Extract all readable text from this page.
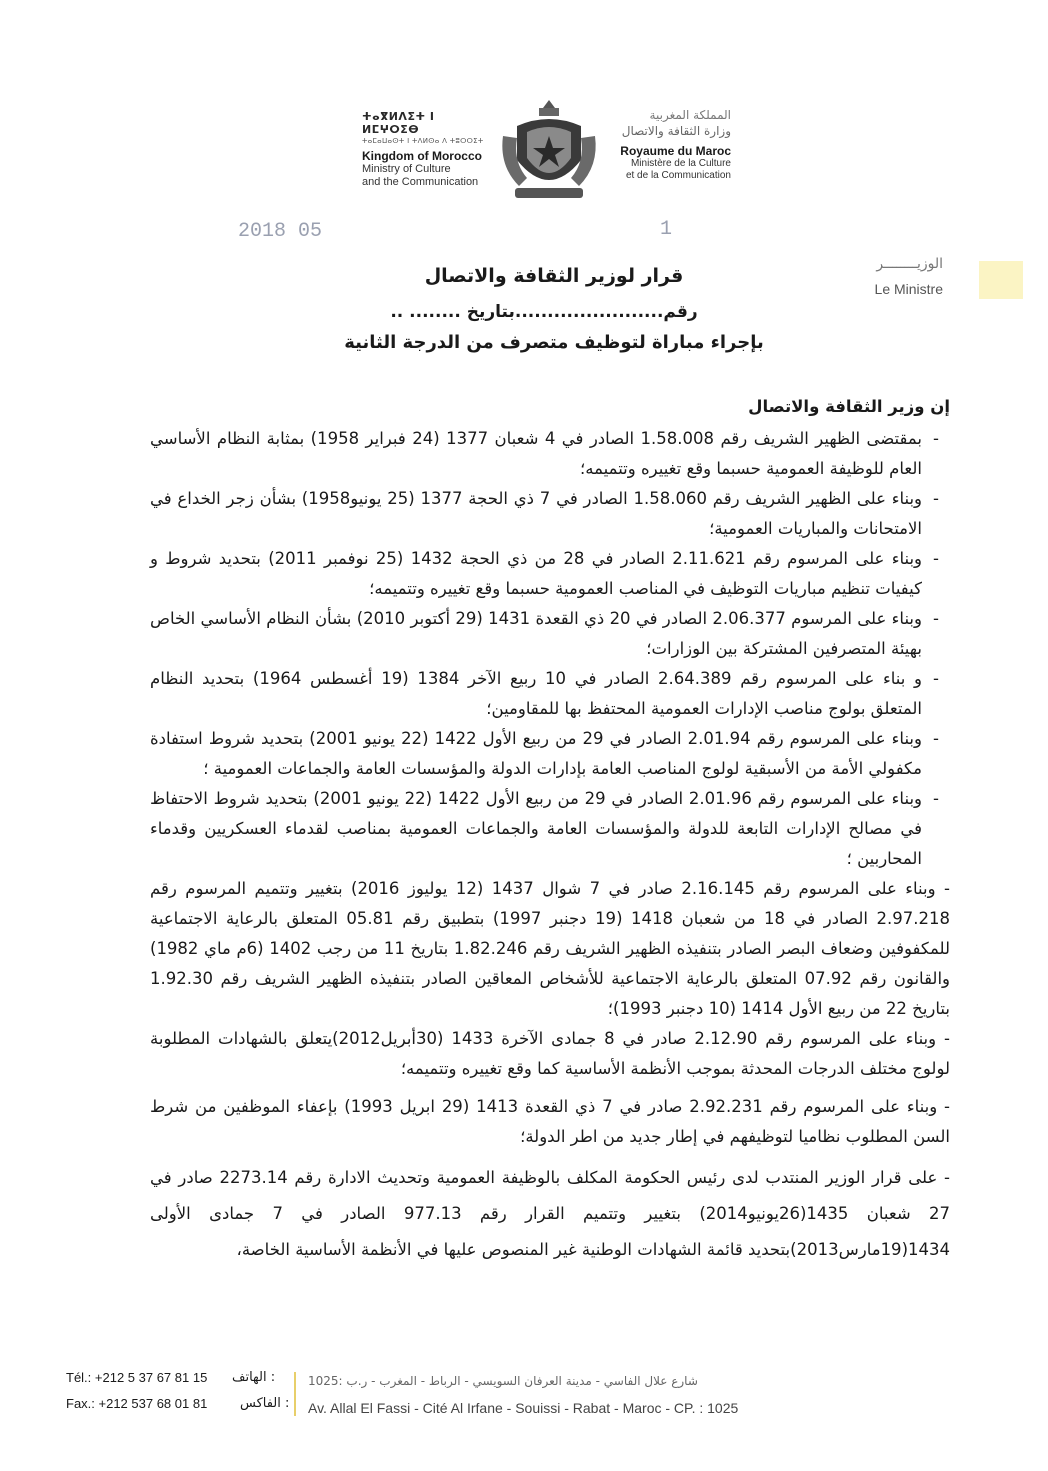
ⵜⴰⴳⵍⴷⵉⵜ ⵏ ⵍⵎⵖⵔⵉⴱ
ⵜⴰⵎⴰⵡⴰⵙⵜ ⵏ ⵜⴷⵍⵙⴰ ⴷ ⵜⵓⵔⵔⵉⵜ
Kingdom of Morocco
Ministry of Culture
and the Communication
المملكة المغربية
وزارة الثقافة والاتصال
Royaume du Maroc
Ministère de la Culture
et de la Communication
2018 05	1
الوزيــــــــر
Le Ministre
قرار لوزير الثقافة والاتصال
رقم.......................بتاريخ ........ ..
بإجراء مباراة لتوظيف متصرف من الدرجة الثانية
إن وزير الثقافة والاتصال
-
بمقتضى الظهير الشريف رقم 1.58.008 الصادر في 4 شعبان 1377 (24 فبراير 1958) بمثابة النظام الأساسي العام للوظيفة العمومية حسبما وقع تغييره وتتميمه؛
-
وبناء على الظهير الشريف رقم 1.58.060 الصادر في 7 ذي الحجة 1377 (25 يونيو1958) بشأن زجر الخداع في الامتحانات والمباريات العمومية؛
-
وبناء على المرسوم رقم 2.11.621 الصادر في 28 من ذي الحجة 1432 (25 نوفمبر 2011) بتحديد شروط و كيفيات تنظيم مباريات التوظيف في المناصب العمومية حسبما وقع تغييره وتتميمه؛
-
وبناء على المرسوم 2.06.377 الصادر في 20 ذي القعدة 1431 (29 أكتوبر 2010) بشأن النظام الأساسي الخاص بهيئة المتصرفين المشتركة بين الوزارات؛
-
و بناء على المرسوم رقم 2.64.389 الصادر في 10 ربيع الآخر 1384 (19 أغسطس 1964) بتحديد النظام المتعلق بولوج مناصب الإدارات العمومية المحتفظ بها للمقاومين؛
-
وبناء على المرسوم رقم 2.01.94 الصادر في 29 من ربيع الأول 1422 (22 يونيو 2001) بتحديد شروط استفادة مكفولي الأمة من الأسبقية لولوج المناصب العامة بإدارات الدولة والمؤسسات العامة والجماعات العمومية ؛
-
وبناء على المرسوم رقم 2.01.96 الصادر في 29 من ربيع الأول 1422 (22 يونيو 2001) بتحديد شروط الاحتفاظ في مصالح الإدارات التابعة للدولة والمؤسسات العامة والجماعات العمومية بمناصب لقدماء العسكريين وقدماء المحاربين ؛
- وبناء على المرسوم رقم 2.16.145 صادر في 7 شوال 1437 (12 يوليوز 2016) بتغيير وتتميم المرسوم رقم 2.97.218 الصادر في 18 من شعبان 1418 (19 دجنبر 1997) بتطبيق رقم 05.81 المتعلق بالرعاية الاجتماعية للمكفوفين وضعاف البصر الصادر بتنفيذه الظهير الشريف رقم 1.82.246 بتاريخ 11 من رجب 1402 (6م ماي 1982) والقانون رقم 07.92 المتعلق بالرعاية الاجتماعية للأشخاص المعاقين الصادر بتنفيذه الظهير الشريف رقم 1.92.30 بتاريخ 22 من ربيع الأول 1414 (10 دجنبر 1993)؛
- وبناء على المرسوم رقم 2.12.90 صادر في 8 جمادى الآخرة 1433 (30أبريل2012)يتعلق بالشهادات المطلوبة لولوج مختلف الدرجات المحدثة بموجب الأنظمة الأساسية كما وقع تغييره وتتميمه؛
- وبناء على المرسوم رقم 2.92.231 صادر في 7 ذي القعدة 1413 (29 ابريل 1993) بإعفاء الموظفين من شرط السن المطلوب نظاميا لتوظيفهم في إطار جديد من اطر الدولة؛
- على قرار الوزير المنتدب لدى رئيس الحكومة المكلف بالوظيفة العمومية وتحديث الادارة رقم 2273.14 صادر في 27 شعبان 1435(26يونيو2014) بتغيير وتتميم القرار رقم 977.13 الصادر في 7 جمادى الأولى 1434(19مارس2013)بتحديد قائمة الشهادات الوطنية غير المنصوص عليها في الأنظمة الأساسية الخاصة،
Tél.: +212 5 37 67 81 15
Fax.: +212 537 68 01 81
: الهاتف
: الفاكس
شارع علال الفاسي - مدينة العرفان السويسي - الرباط - المغرب - ر.ب :1025
Av. Allal El Fassi - Cité Al Irfane - Souissi - Rabat - Maroc - CP. : 1025
